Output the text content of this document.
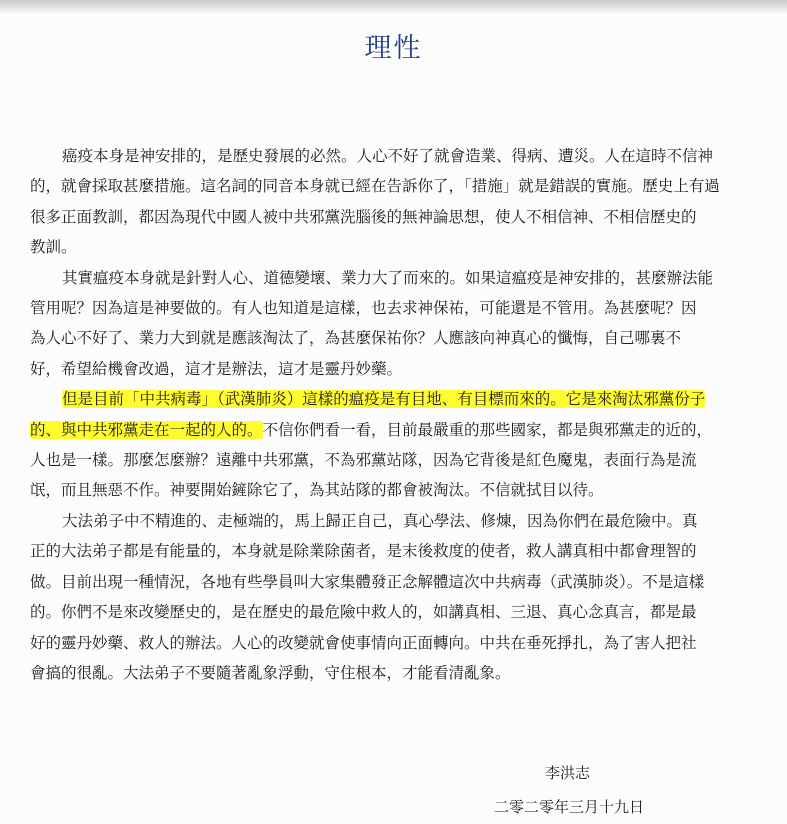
理性

癌疫本身是神安排的，是歷史發展的必然。人心不好了就會造業、得病、遭災。人在這時不信神
的，就會採取甚麼措施。這名詞的同音本身就已經在告訴你了，「措施」就是錯誤的實施。歷史上有過
很多正面教訓，都因為現代中國人被中共邪黨洗腦後的無神論思想，使人不相信神、不相信歷史的
教訓。

其實瘟疫本身就是針對人心、道德變壞、業力大了而來的。如果這瘟疫是神安排的，甚麼辦法能
管用呢？因為這是神要做的。有人也知道是這樣，也去求神保祐，可能還是不管用。為甚麼呢？因
為人心不好了、業力大到就是應該淘汰了，為甚麼保祐你？人應該向神真心的懺悔，自己哪裏不
好，希望給機會改過，這才是辦法，這才是靈丹妙藥。

但是目前「中共病毒」（武漢肺炎）這樣的瘟疫是有目地、有目標而來的。它是來淘汰邪黨份子
的、與中共邪黨走在一起的人的。不信你們看一看，目前最嚴重的那些國家，都是與邪黨走的近的，
人也是一樣。那麼怎麼辦？遠離中共邪黨，不為邪黨站隊，因為它背後是紅色魔鬼，表面行為是流
氓，而且無惡不作。神要開始鏟除它了，為其站隊的都會被淘汰。不信就拭目以待。

大法弟子中不精進的、走極端的，馬上歸正自己，真心學法、修煉，因為你們在最危險中。真
正的大法弟子都是有能量的，本身就是除業除菌者，是末後救度的使者，救人講真相中都會理智的
做。目前出現一種情況，各地有些學員叫大家集體發正念解體這次中共病毒（武漢肺炎）。不是這樣
的。你們不是來改變歷史的，是在歷史的最危險中救人的，如講真相、三退、真心念真言，都是最
好的靈丹妙藥、救人的辦法。人心的改變就會使事情向正面轉向。中共在垂死掙扎，為了害人把社
會搞的很亂。大法弟子不要隨著亂象浮動，守住根本，才能看清亂象。

李洪志
二零二零年三月十九日
